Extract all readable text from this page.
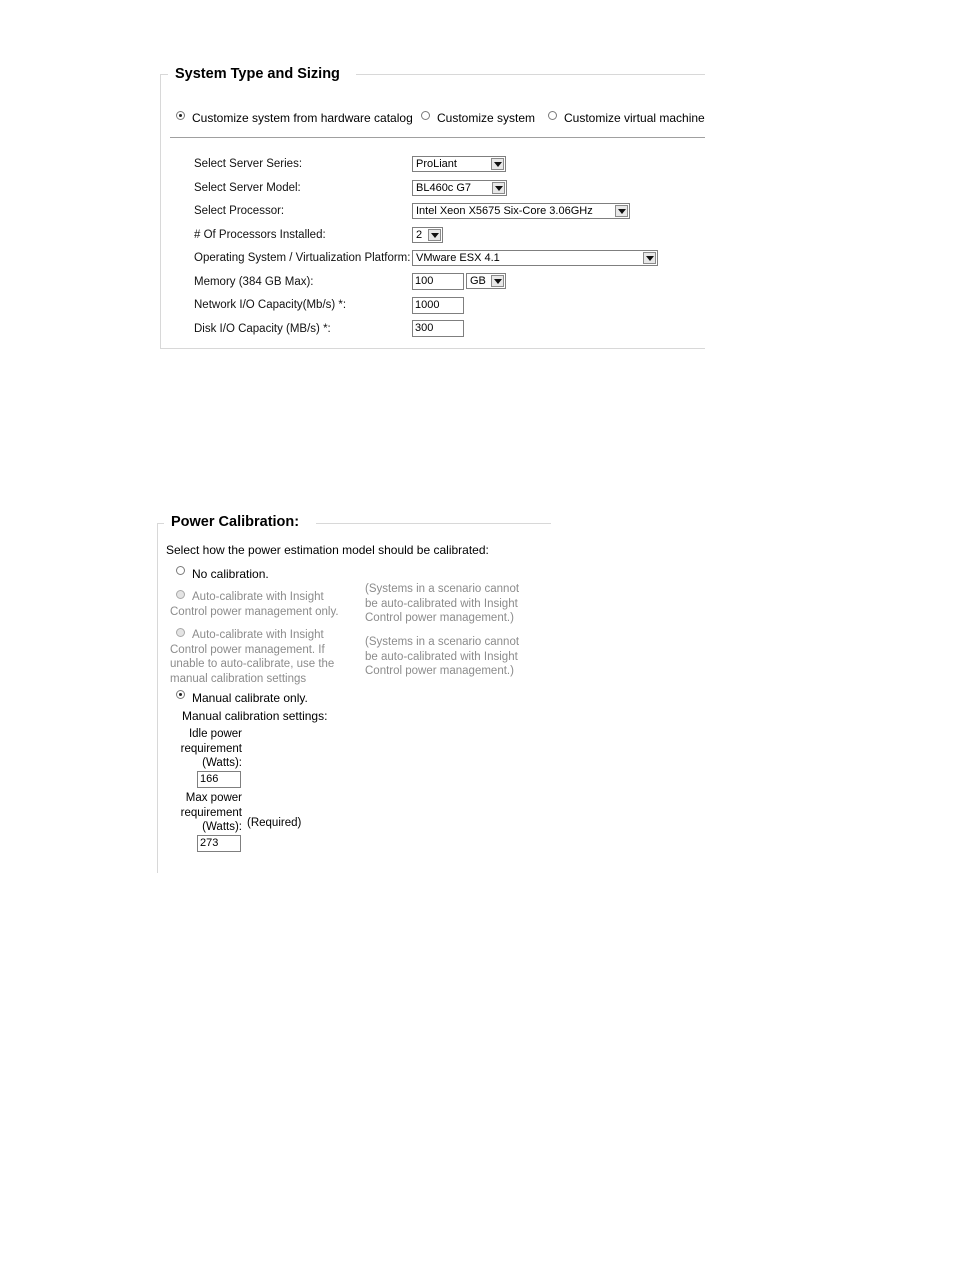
System Type and Sizing
Customize system from hardware catalog Customize system Customize virtual machine
Select Server Series:	ProLiant
Select Server Model:	BL460c G7
Select Processor:	Intel Xeon X5675 Six-Core 3.06GHz
# Of Processors Installed:	2
Operating System / Virtualization Platform: VMware ESX 4.1
Memory (384 GB Max):	100	GB
Network I/O Capacity(Mb/s) *:	1000
Disk I/O Capacity (MB/s) *:	300
Power Calibration:
Select how the power estimation model should be calibrated:
No calibration.
Auto-calibrate with Insight
Control power management only.
(Systems in a scenario cannot
be auto-calibrated with Insight
Control power management.)
Auto-calibrate with Insight
Control power management. If
unable to auto-calibrate, use the
manual calibration settings
(Systems in a scenario cannot
be auto-calibrated with Insight
Control power management.)
Manual calibrate only.
Manual calibration settings:
Idle power
requirement
(Watts):
166
Max power
requirement
(Watts): (Required)
273
